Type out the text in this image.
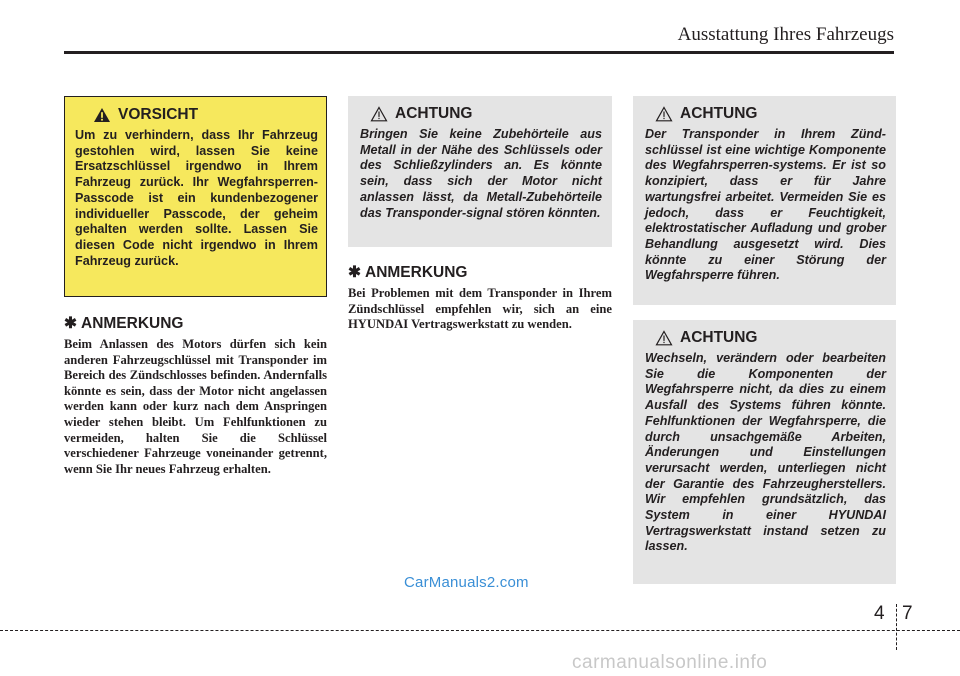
Ausstattung Ihres Fahrzeugs
VORSICHT
Um zu verhindern, dass Ihr Fahrzeug gestohlen wird, lassen Sie keine Ersatzschlüssel irgendwo in Ihrem Fahrzeug zurück. Ihr Wegfahrsperren-Passcode ist ein kundenbezogener individueller Passcode, der geheim gehalten werden sollte. Lassen Sie diesen Code nicht irgendwo in Ihrem Fahrzeug zurück.
✱ ANMERKUNG
Beim Anlassen des Motors dürfen sich kein anderen Fahrzeugschlüssel mit Transponder im Bereich des Zündschlosses befinden. Andernfalls könnte es sein, dass der Motor nicht angelassen werden kann oder kurz nach dem Anspringen wieder stehen bleibt. Um Fehlfunktionen zu vermeiden, halten Sie die Schlüssel verschiedener Fahrzeuge voneinander getrennt, wenn Sie Ihr neues Fahrzeug erhalten.
ACHTUNG
Bringen Sie keine Zubehörteile aus Metall in der Nähe des Schlüssels oder des Schließzylinders an. Es könnte sein, dass sich der Motor nicht anlassen lässt, da Metall-Zubehörteile das Transponder-signal stören könnten.
✱ ANMERKUNG
Bei Problemen mit dem Transponder in Ihrem Zündschlüssel empfehlen wir, sich an eine HYUNDAI Vertragswerkstatt zu wenden.
ACHTUNG
Der Transponder in Ihrem Zünd-schlüssel ist eine wichtige Komponente des Wegfahrsperren-systems. Er ist so konzipiert, dass er für Jahre wartungsfrei arbeitet. Vermeiden Sie es jedoch, dass er Feuchtigkeit, elektrostatischer Aufladung und grober Behandlung ausgesetzt wird. Dies könnte zu einer Störung der Wegfahrsperre führen.
ACHTUNG
Wechseln, verändern oder bearbeiten Sie die Komponenten der Wegfahrsperre nicht, da dies zu einem Ausfall des Systems führen könnte. Fehlfunktionen der Wegfahrsperre, die durch unsachgemäße Arbeiten, Änderungen und Einstellungen verursacht werden, unterliegen nicht der Garantie des Fahrzeugherstellers. Wir empfehlen grundsätzlich, das System in einer HYUNDAI Vertragswerkstatt instand setzen zu lassen.
CarManuals2.com
4 7
carmanualsonline.info
